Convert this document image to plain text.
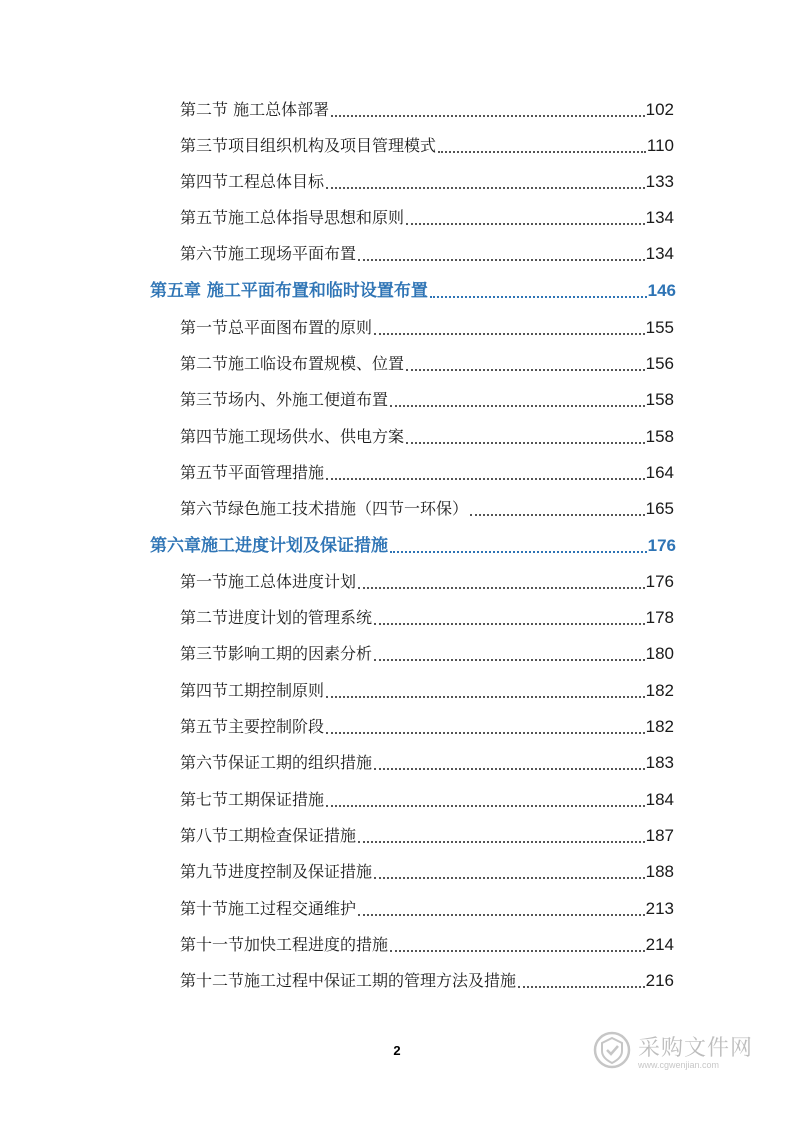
第二节 施工总体部署	102
第三节项目组织机构及项目管理模式	110
第四节工程总体目标	133
第五节施工总体指导思想和原则	134
第六节施工现场平面布置	134
第五章 施工平面布置和临时设置布置	146
第一节总平面图布置的原则	155
第二节施工临设布置规模、位置	156
第三节场内、外施工便道布置	158
第四节施工现场供水、供电方案	158
第五节平面管理措施	164
第六节绿色施工技术措施（四节一环保）	165
第六章施工进度计划及保证措施	176
第一节施工总体进度计划	176
第二节进度计划的管理系统	178
第三节影响工期的因素分析	180
第四节工期控制原则	182
第五节主要控制阶段	182
第六节保证工期的组织措施	183
第七节工期保证措施	184
第八节工期检查保证措施	187
第九节进度控制及保证措施	188
第十节施工过程交通维护	213
第十一节加快工程进度的措施	214
第十二节施工过程中保证工期的管理方法及措施	216
2	采购文件网
www.cgwenjian.com
